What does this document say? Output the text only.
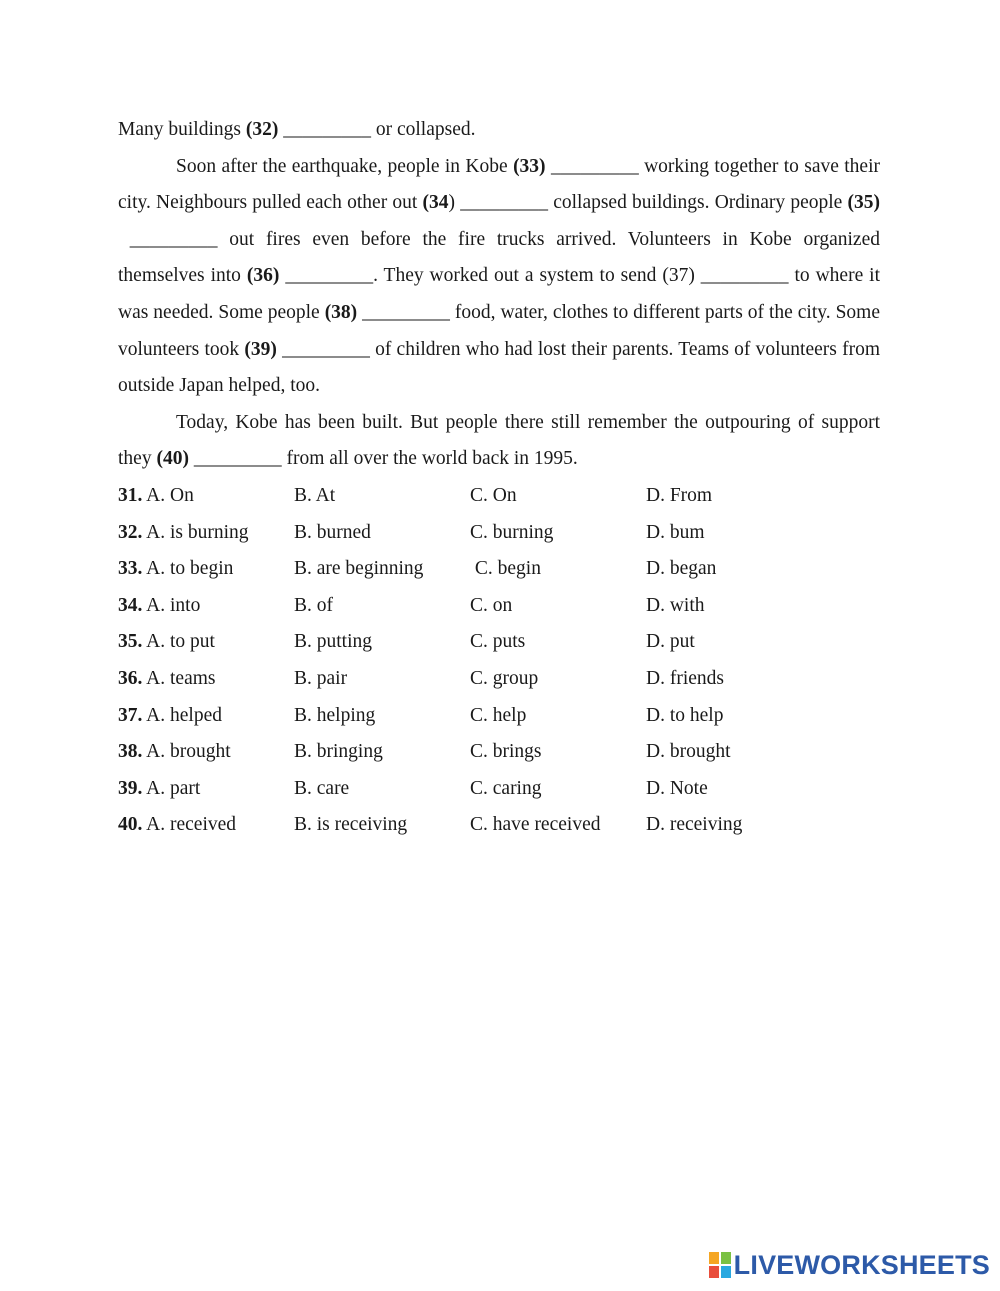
Many buildings (32) _________ or collapsed.

Soon after the earthquake, people in Kobe (33) _________ working together to save their city. Neighbours pulled each other out (34) _________ collapsed buildings. Ordinary people (35) _________ out fires even before the fire trucks arrived. Volunteers in Kobe organized themselves into (36) _________. They worked out a system to send (37) _________ to where it was needed. Some people (38) _________ food, water, clothes to different parts of the city. Some volunteers took (39) _________ of children who had lost their parents. Teams of volunteers from outside Japan helped, too.

Today, Kobe has been built. But people there still remember the outpouring of support they (40) _________ from all over the world back in 1995.

31. A. On	B. At	C. On	D. From
32. A. is burning	B. burned	C. burning	D. bum
33. A. to begin	B. are beginning	C. begin	D. began
34. A. into	B. of	C. on	D. with
35. A. to put	B. putting	C. puts	D. put
36. A. teams	B. pair	C. group	D. friends
37. A. helped	B. helping	C. help	D. to help
38. A. brought	B. bringing	C. brings	D. brought
39. A. part	B. care	C. caring	D. Note
40. A. received	B. is receiving	C. have received	D. receiving
LIVEWORKSHEETS
